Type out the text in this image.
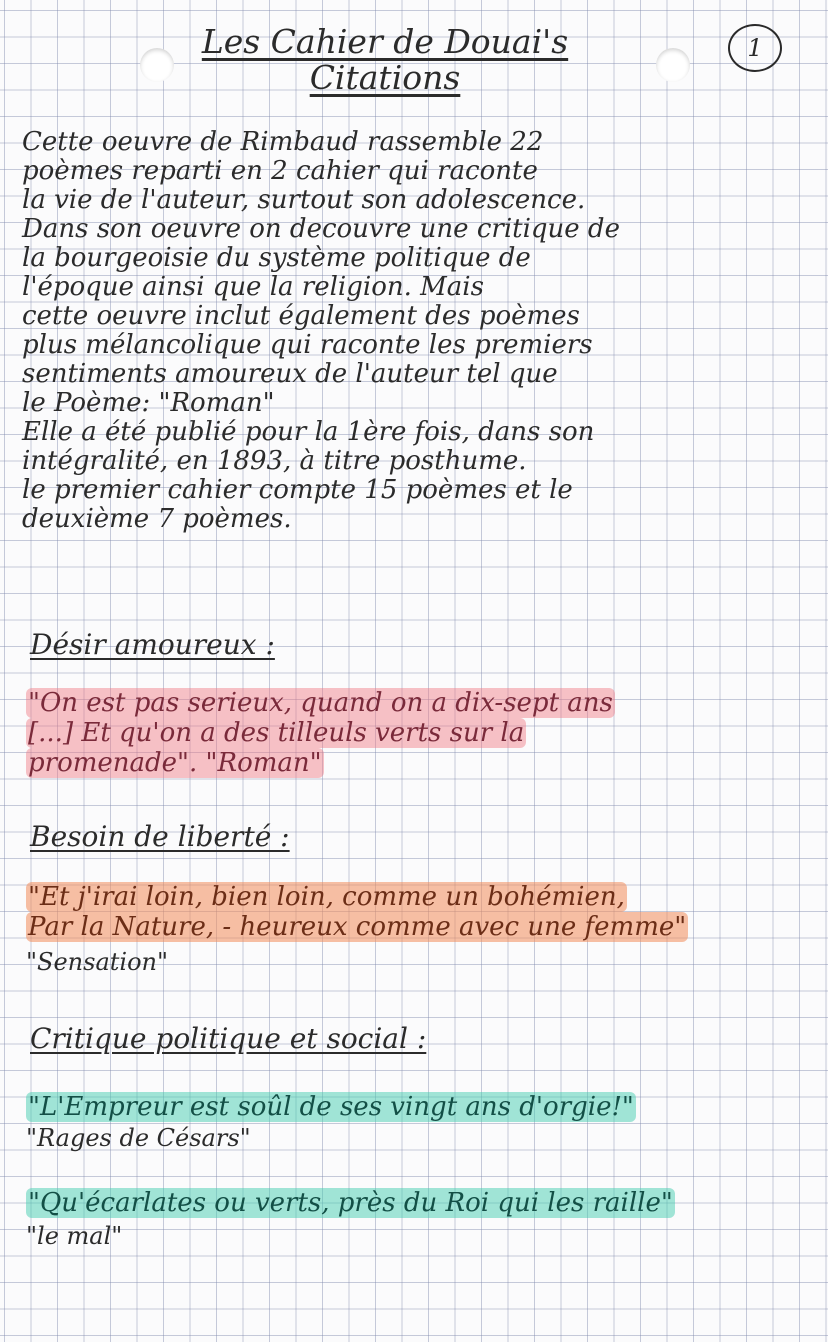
1
Les Cahier de Douai's
Citations

Cette oeuvre de Rimbaud rassemble 22
poèmes reparti en 2 cahier qui raconte
la vie de l'auteur, surtout son adolescence.
Dans son oeuvre on decouvre une critique de
la bourgeoisie du système politique de
l'époque ainsi que la religion. Mais
cette oeuvre inclut également des poèmes
plus mélancolique qui raconte les premiers
sentiments amoureux de l'auteur tel que
le Poème: "Roman"
Elle a été publié pour la 1ère fois, dans son
intégralité, en 1893, à titre posthume.
le premier cahier compte 15 poèmes et le
deuxième 7 poèmes.

Désir amoureux :

"On est pas serieux, quand on a dix-sept ans
[...] Et qu'on a des tilleuls verts sur la
promenade". "Roman"

Besoin de liberté :

"Et j'irai loin, bien loin, comme un bohémien,
Par la Nature, - heureux comme avec une femme"

"Sensation"

Critique politique et social :

"L'Empreur est soûl de ses vingt ans d'orgie!"

"Rages de Césars"

"Qu'écarlates ou verts, près du Roi qui les raille"

"le mal"
